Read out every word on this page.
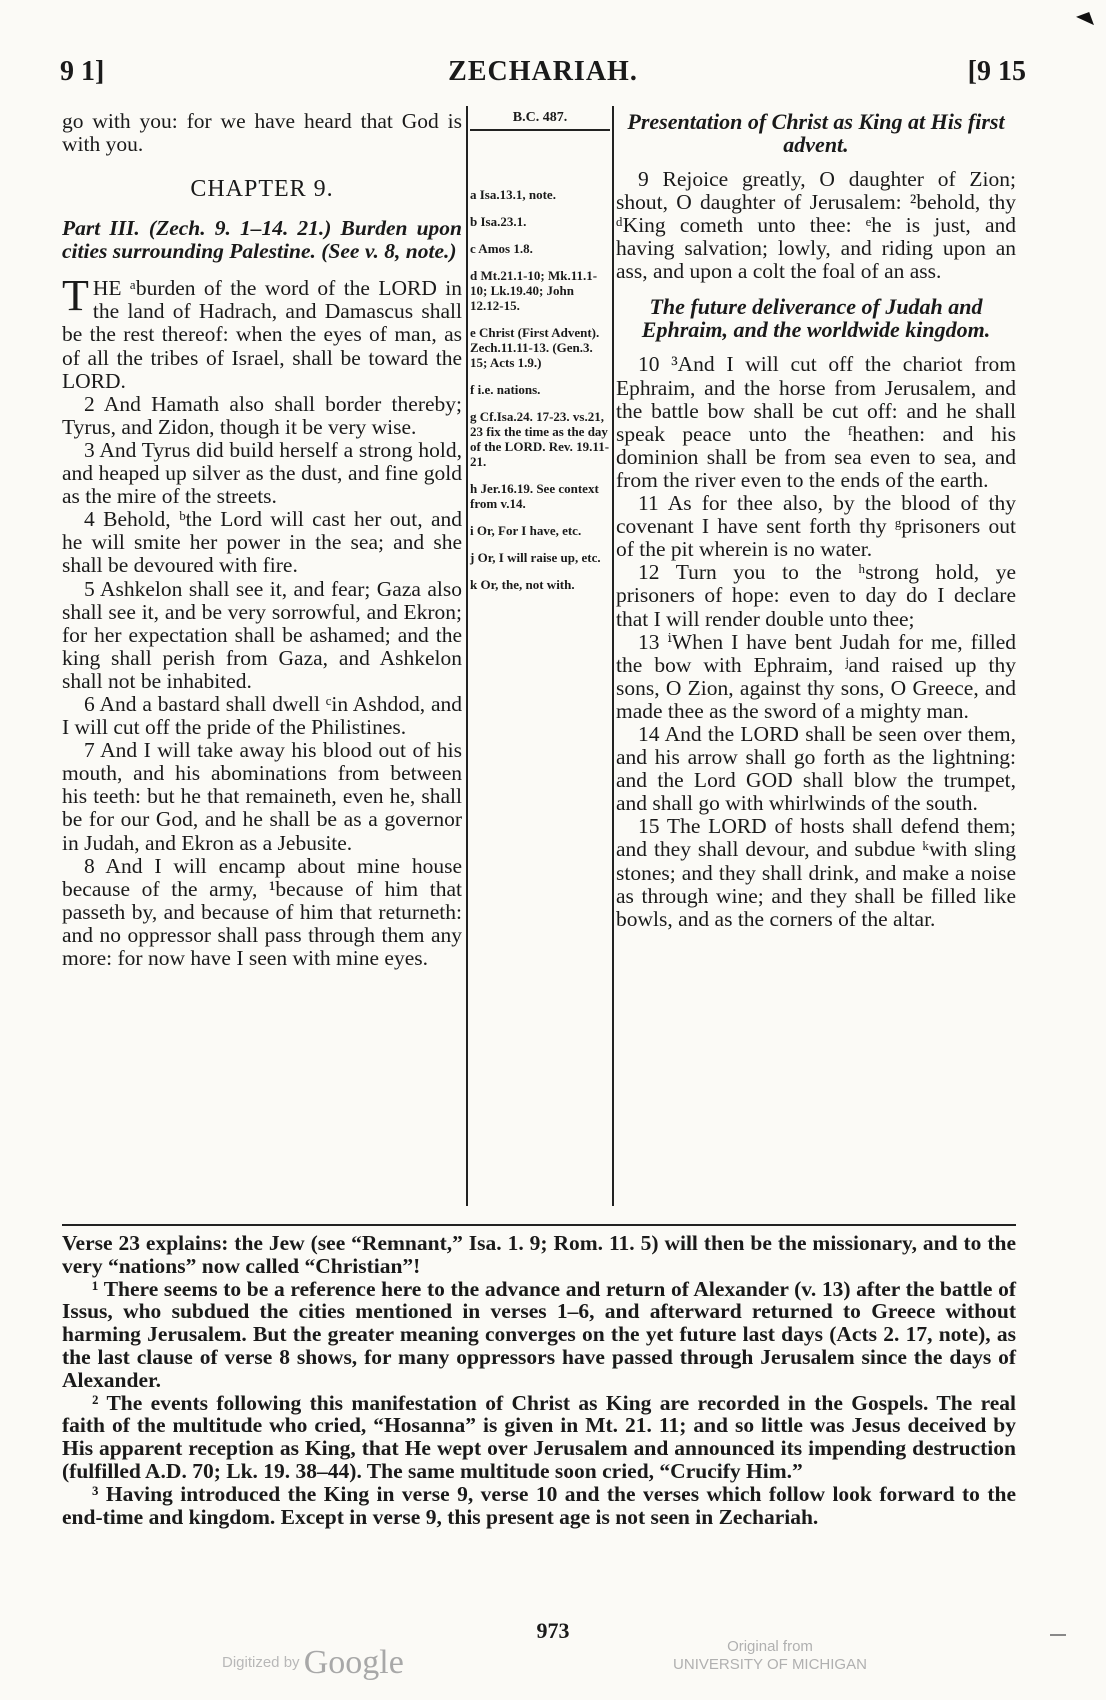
9 1]	ZECHARIAH.	[9 15

go with you: for we have heard that God is with you.

CHAPTER 9.

Part III. (Zech. 9. 1–14. 21.) Burden upon cities surrounding Palestine. (See v. 8, note.)

THE ᵃburden of the word of the LORD in the land of Hadrach, and Damascus shall be the rest thereof: when the eyes of man, as of all the tribes of Israel, shall be toward the LORD.

2 And Hamath also shall border thereby; Tyrus, and Zidon, though it be very wise.

3 And Tyrus did build herself a strong hold, and heaped up silver as the dust, and fine gold as the mire of the streets.

4 Behold, ᵇthe Lord will cast her out, and he will smite her power in the sea; and she shall be devoured with fire.

5 Ashkelon shall see it, and fear; Gaza also shall see it, and be very sorrowful, and Ekron; for her expectation shall be ashamed; and the king shall perish from Gaza, and Ashkelon shall not be inhabited.

6 And a bastard shall dwell ᶜin Ashdod, and I will cut off the pride of the Philistines.

7 And I will take away his blood out of his mouth, and his abominations from between his teeth: but he that remaineth, even he, shall be for our God, and he shall be as a governor in Judah, and Ekron as a Jebusite.

8 And I will encamp about mine house because of the army, ¹because of him that passeth by, and because of him that returneth: and no oppressor shall pass through them any more: for now have I seen with mine eyes.

B.C. 487.

a Isa.13.1, note.

b Isa.23.1.

c Amos 1.8.

d Mt.21.1-10; Mk.11.1-10; Lk.19.40; John 12.12-15.

e Christ (First Advent). Zech.11.11-13. (Gen.3. 15; Acts 1.9.)

f i.e. nations.

g Cf.Isa.24. 17-23. vs.21, 23 fix the time as the day of the LORD. Rev. 19.11-21.

h Jer.16.19. See context from v.14.

i Or, For I have, etc.

j Or, I will raise up, etc.

k Or, the, not with.

Presentation of Christ as King at His first advent.

9 Rejoice greatly, O daughter of Zion; shout, O daughter of Jerusalem: ²behold, thy ᵈKing cometh unto thee: ᵉhe is just, and having salvation; lowly, and riding upon an ass, and upon a colt the foal of an ass.

The future deliverance of Judah and Ephraim, and the worldwide kingdom.

10 ³And I will cut off the chariot from Ephraim, and the horse from Jerusalem, and the battle bow shall be cut off: and he shall speak peace unto the ᶠheathen: and his dominion shall be from sea even to sea, and from the river even to the ends of the earth.

11 As for thee also, by the blood of thy covenant I have sent forth thy ᵍprisoners out of the pit wherein is no water.

12 Turn you to the ʰstrong hold, ye prisoners of hope: even to day do I declare that I will render double unto thee;

13 ⁱWhen I have bent Judah for me, filled the bow with Ephraim, ʲand raised up thy sons, O Zion, against thy sons, O Greece, and made thee as the sword of a mighty man.

14 And the LORD shall be seen over them, and his arrow shall go forth as the lightning: and the Lord GOD shall blow the trumpet, and shall go with whirlwinds of the south.

15 The LORD of hosts shall defend them; and they shall devour, and subdue ᵏwith sling stones; and they shall drink, and make a noise as through wine; and they shall be filled like bowls, and as the corners of the altar.

Verse 23 explains: the Jew (see “Remnant,” Isa. 1. 9; Rom. 11. 5) will then be the missionary, and to the very “nations” now called “Christian”!

¹ There seems to be a reference here to the advance and return of Alexander (v. 13) after the battle of Issus, who subdued the cities mentioned in verses 1–6, and afterward returned to Greece without harming Jerusalem. But the greater meaning converges on the yet future last days (Acts 2. 17, note), as the last clause of verse 8 shows, for many oppressors have passed through Jerusalem since the days of Alexander.

² The events following this manifestation of Christ as King are recorded in the Gospels. The real faith of the multitude who cried, “Hosanna” is given in Mt. 21. 11; and so little was Jesus deceived by His apparent reception as King, that He wept over Jerusalem and announced its impending destruction (fulfilled A.D. 70; Lk. 19. 38–44). The same multitude soon cried, “Crucify Him.”

³ Having introduced the King in verse 9, verse 10 and the verses which follow look forward to the end-time and kingdom. Except in verse 9, this present age is not seen in Zechariah.

973
Digitized by Google	Original from
UNIVERSITY OF MICHIGAN
